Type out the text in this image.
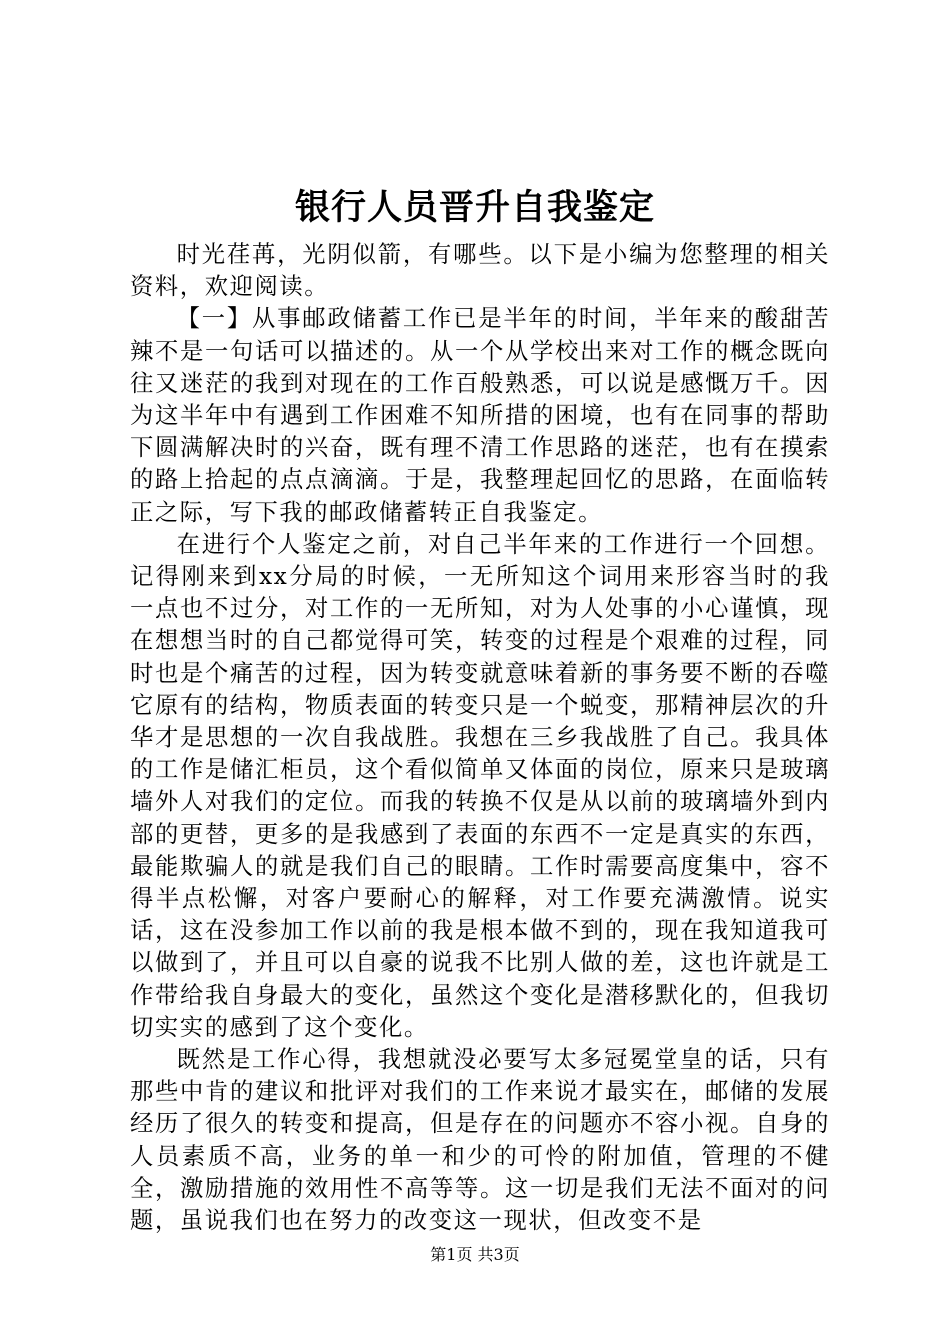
银行人员晋升自我鉴定

时光荏苒，光阴似箭，有哪些。以下是小编为您整理的相关资料，欢迎阅读。

【一】从事邮政储蓄工作已是半年的时间，半年来的酸甜苦辣不是一句话可以描述的。从一个从学校出来对工作的概念既向往又迷茫的我到对现在的工作百般熟悉，可以说是感慨万千。因为这半年中有遇到工作困难不知所措的困境，也有在同事的帮助下圆满解决时的兴奋，既有理不清工作思路的迷茫，也有在摸索的路上拾起的点点滴滴。于是，我整理起回忆的思路，在面临转正之际，写下我的邮政储蓄转正自我鉴定。

在进行个人鉴定之前，对自己半年来的工作进行一个回想。记得刚来到xx分局的时候，一无所知这个词用来形容当时的我一点也不过分，对工作的一无所知，对为人处事的小心谨慎，现在想想当时的自己都觉得可笑，转变的过程是个艰难的过程，同时也是个痛苦的过程，因为转变就意味着新的事务要不断的吞噬它原有的结构，物质表面的转变只是一个蜕变，那精神层次的升华才是思想的一次自我战胜。我想在三乡我战胜了自己。我具体的工作是储汇柜员，这个看似简单又体面的岗位，原来只是玻璃墙外人对我们的定位。而我的转换不仅是从以前的玻璃墙外到内部的更替，更多的是我感到了表面的东西不一定是真实的东西，最能欺骗人的就是我们自己的眼睛。工作时需要高度集中，容不得半点松懈，对客户要耐心的解释，对工作要充满激情。说实话，这在没参加工作以前的我是根本做不到的，现在我知道我可以做到了，并且可以自豪的说我不比别人做的差，这也许就是工作带给我自身最大的变化，虽然这个变化是潜移默化的，但我切切实实的感到了这个变化。

既然是工作心得，我想就没必要写太多冠冕堂皇的话，只有那些中肯的建议和批评对我们的工作来说才最实在，邮储的发展经历了很久的转变和提高，但是存在的问题亦不容小视。自身的人员素质不高，业务的单一和少的可怜的附加值，管理的不健全，激励措施的效用性不高等等。这一切是我们无法不面对的问题，虽说我们也在努力的改变这一现状，但改变不是

第1页 共3页
